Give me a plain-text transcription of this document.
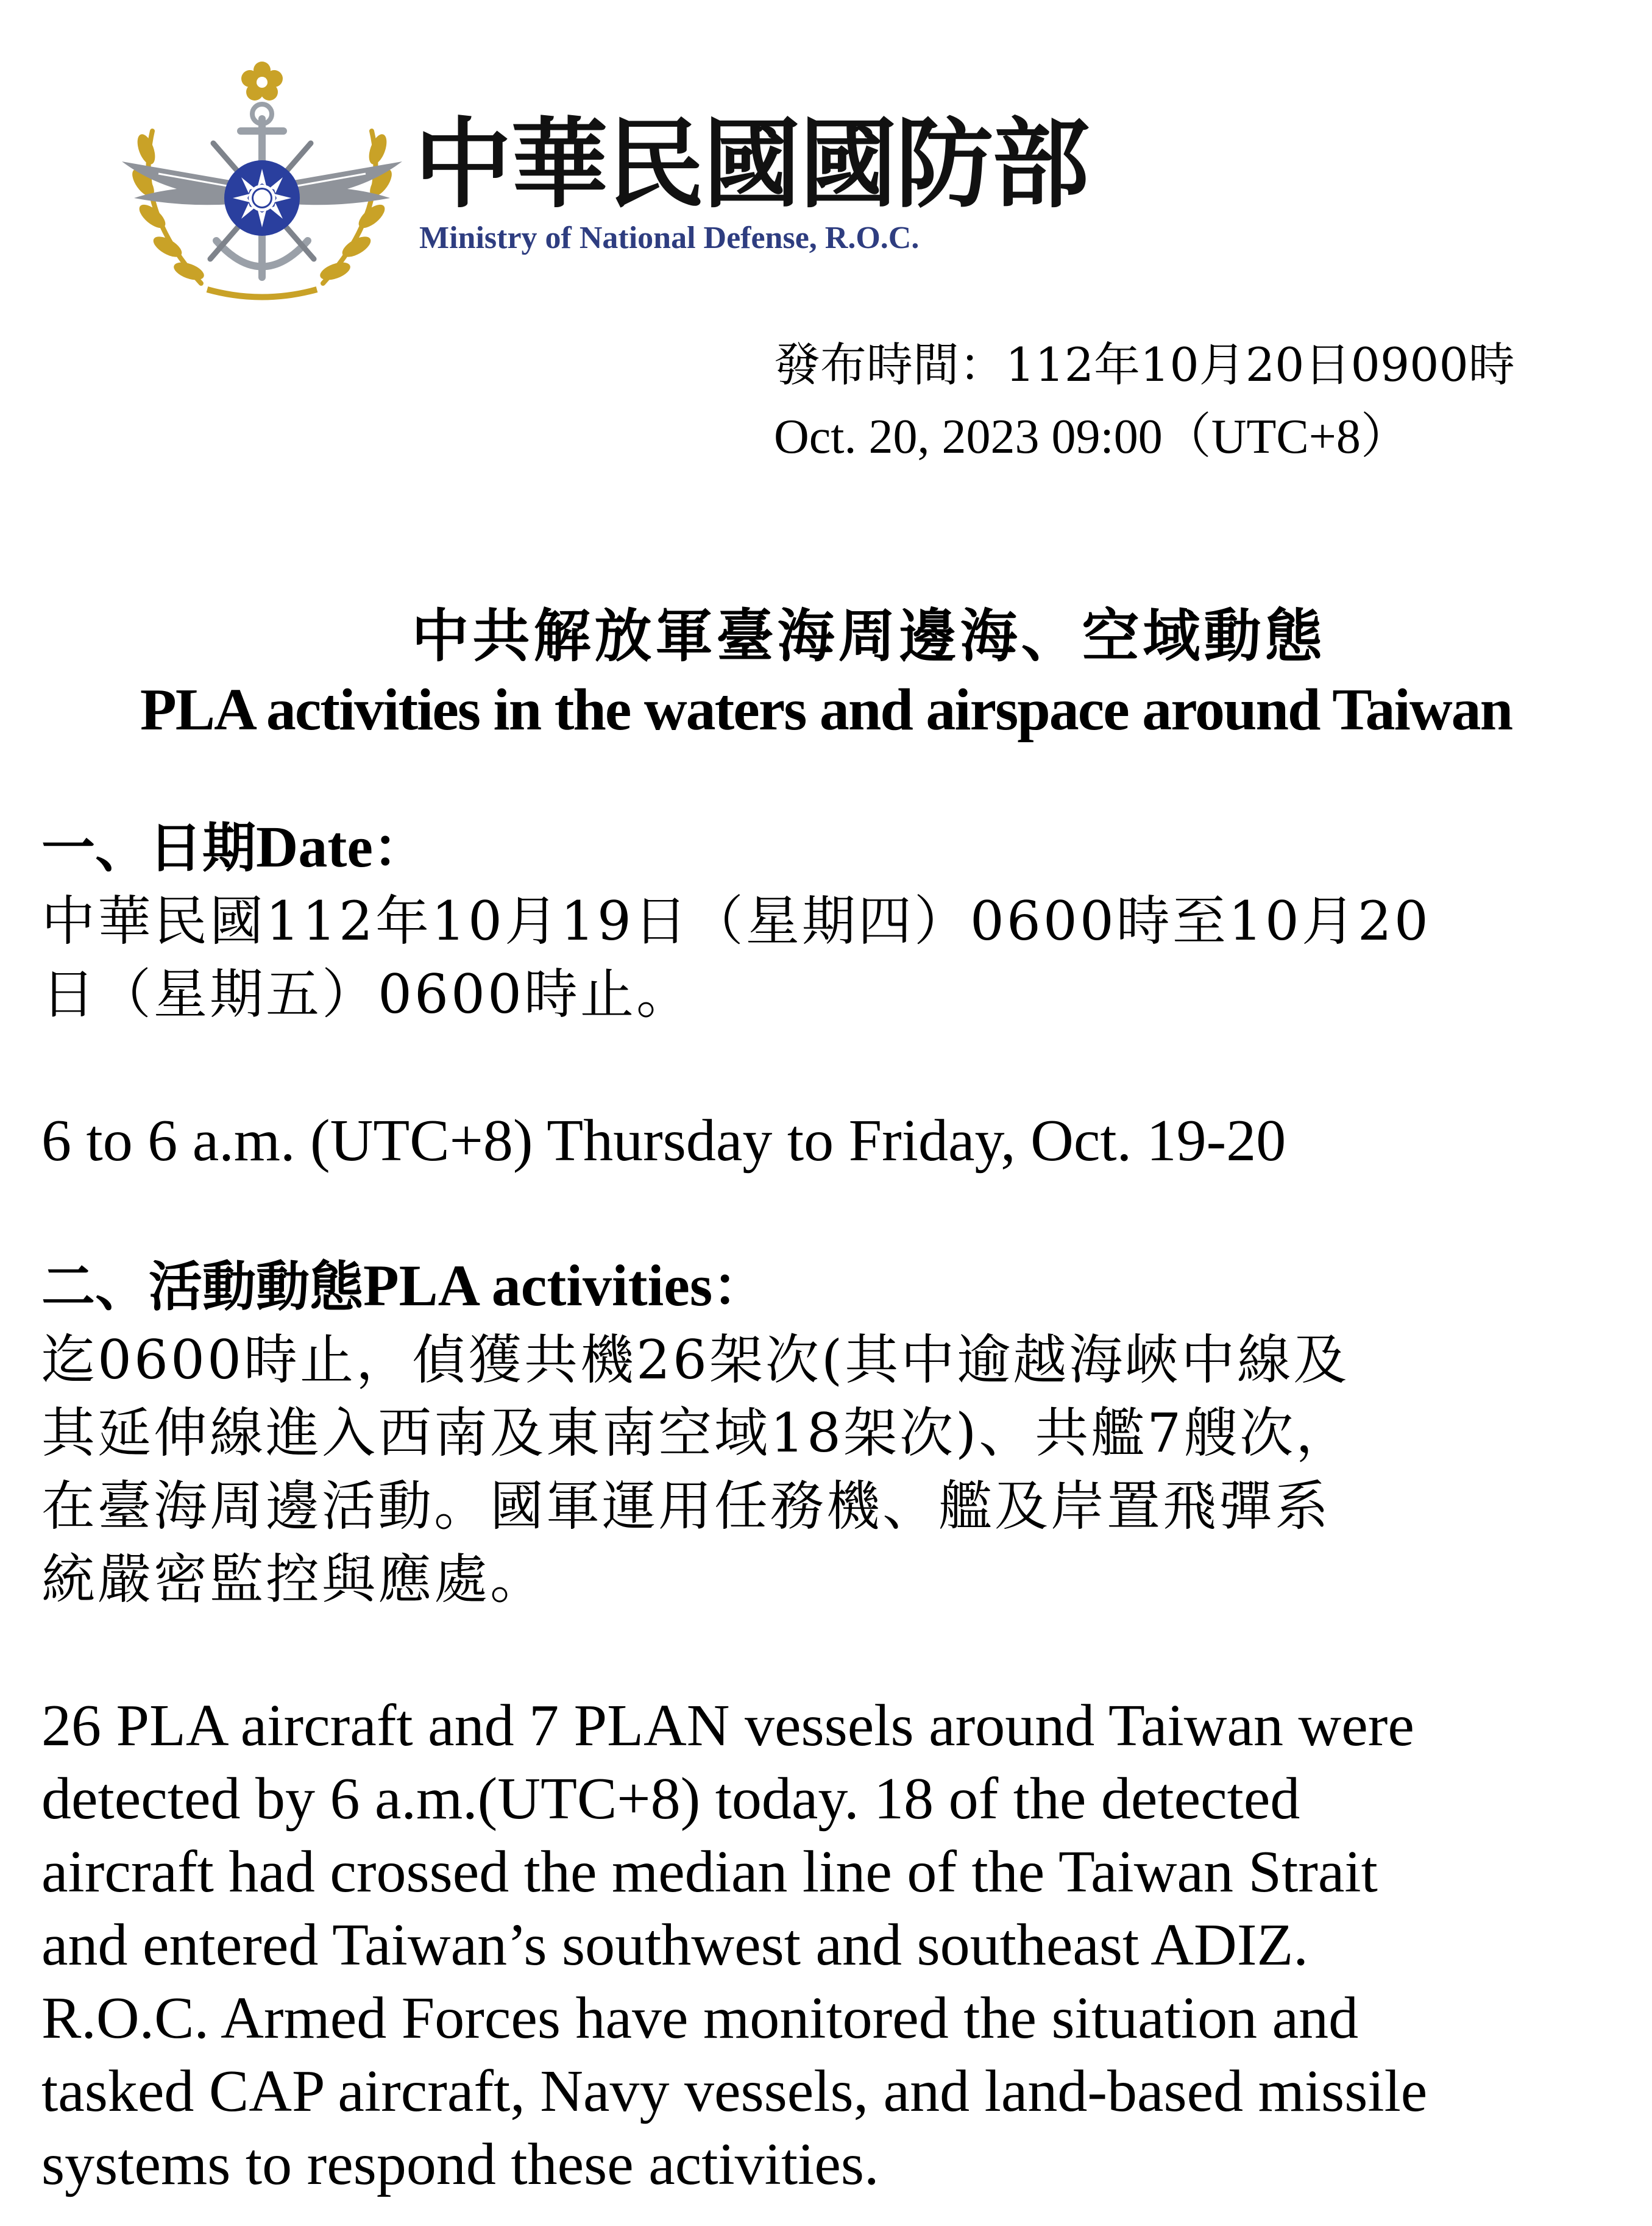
中華民國國防部
Ministry of National Defense, R.O.C.
發布時間：112年10月20日0900時
Oct. 20, 2023 09:00（UTC+8）
中共解放軍臺海周邊海、空域動態
PLA activities in the waters and airspace around Taiwan
一、日期Date：
中華民國112年10月19日（星期四）0600時至10月20
日（星期五）0600時止。
6 to 6 a.m. (UTC+8) Thursday to Friday, Oct. 19-20
二、活動動態PLA activities：
迄0600時止，偵獲共機26架次(其中逾越海峽中線及
其延伸線進入西南及東南空域18架次)、共艦7艘次，
在臺海周邊活動。國軍運用任務機、艦及岸置飛彈系
統嚴密監控與應處。
26 PLA aircraft and 7 PLAN vessels around Taiwan were
detected by 6 a.m.(UTC+8) today. 18 of the detected
aircraft had crossed the median line of the Taiwan Strait
and entered Taiwan’s southwest and southeast ADIZ.
R.O.C. Armed Forces have monitored the situation and
tasked CAP aircraft, Navy vessels, and land-based missile
systems to respond these activities.
